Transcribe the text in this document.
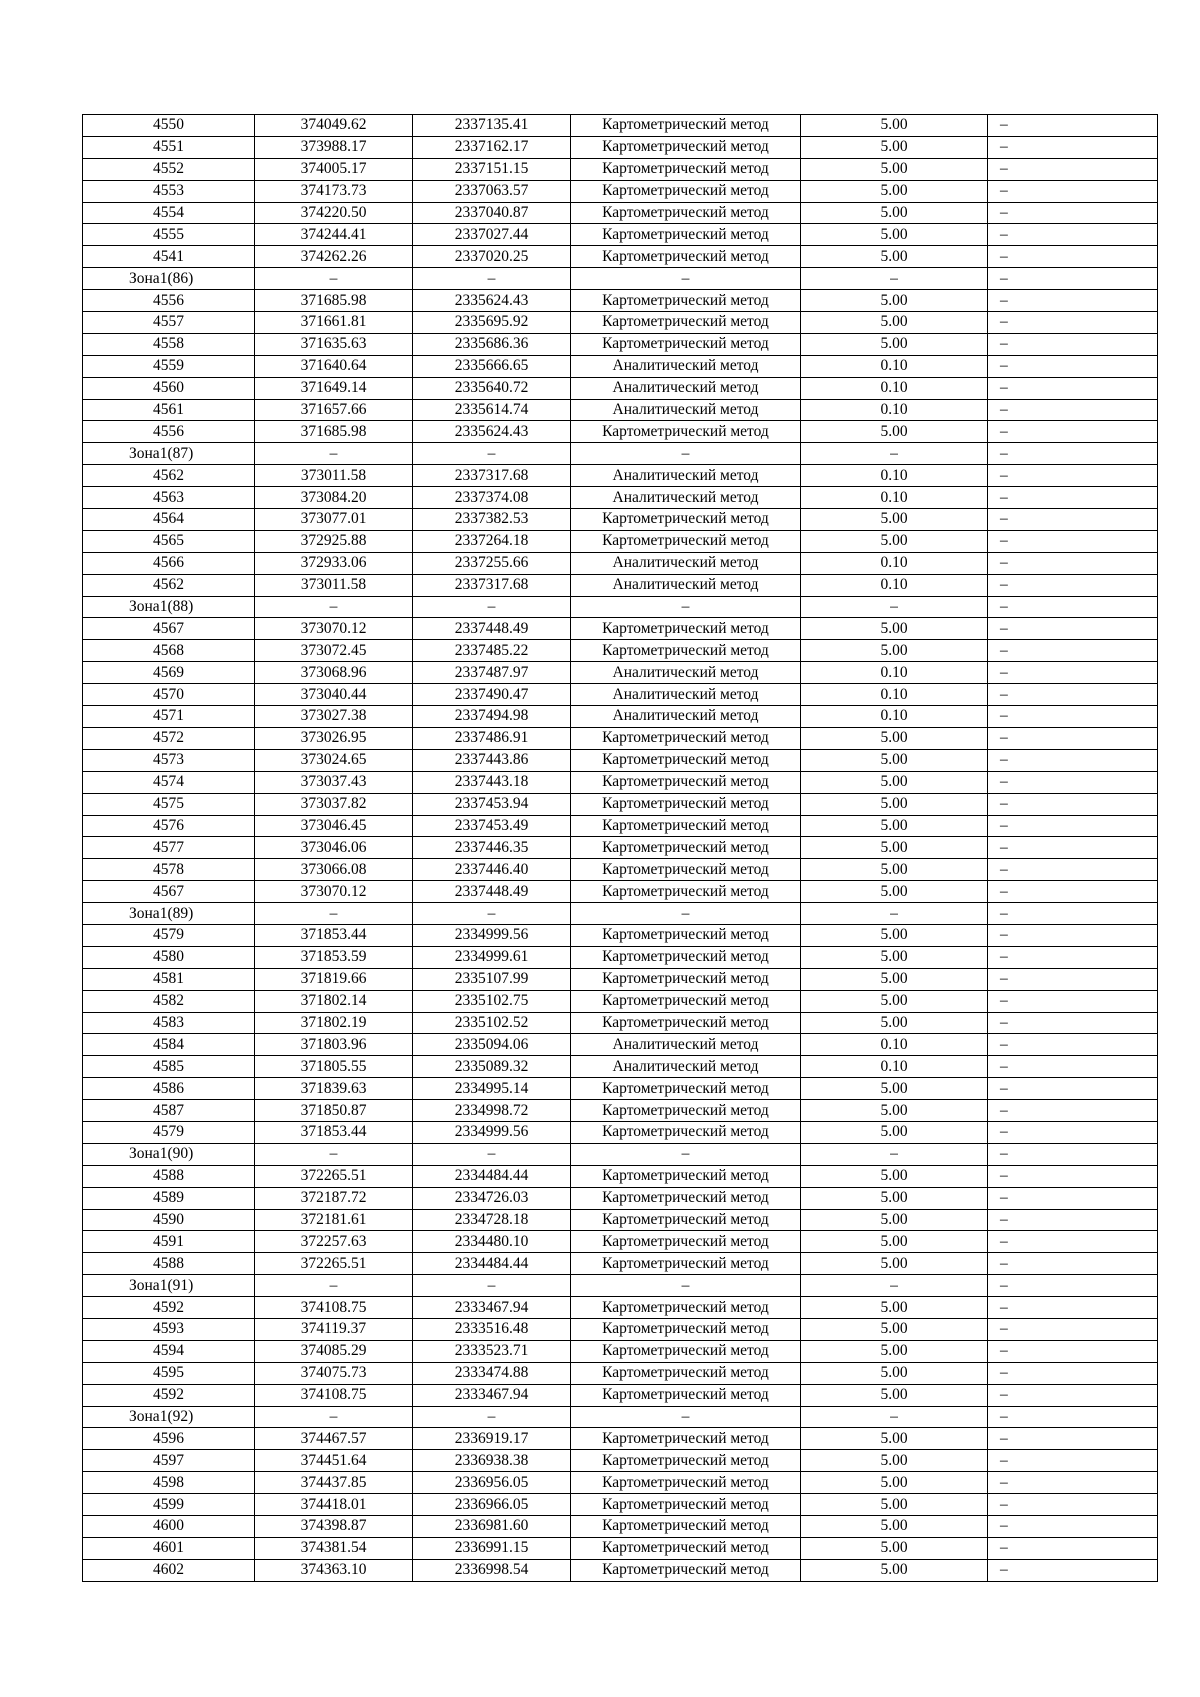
4550	374049.62	2337135.41	Картометрический метод	5.00	–
4551	373988.17	2337162.17	Картометрический метод	5.00	–
4552	374005.17	2337151.15	Картометрический метод	5.00	–
4553	374173.73	2337063.57	Картометрический метод	5.00	–
4554	374220.50	2337040.87	Картометрический метод	5.00	–
4555	374244.41	2337027.44	Картометрический метод	5.00	–
4541	374262.26	2337020.25	Картометрический метод	5.00	–
Зона1(86)	–	–	–	–	–
4556	371685.98	2335624.43	Картометрический метод	5.00	–
4557	371661.81	2335695.92	Картометрический метод	5.00	–
4558	371635.63	2335686.36	Картометрический метод	5.00	–
4559	371640.64	2335666.65	Аналитический метод	0.10	–
4560	371649.14	2335640.72	Аналитический метод	0.10	–
4561	371657.66	2335614.74	Аналитический метод	0.10	–
4556	371685.98	2335624.43	Картометрический метод	5.00	–
Зона1(87)	–	–	–	–	–
4562	373011.58	2337317.68	Аналитический метод	0.10	–
4563	373084.20	2337374.08	Аналитический метод	0.10	–
4564	373077.01	2337382.53	Картометрический метод	5.00	–
4565	372925.88	2337264.18	Картометрический метод	5.00	–
4566	372933.06	2337255.66	Аналитический метод	0.10	–
4562	373011.58	2337317.68	Аналитический метод	0.10	–
Зона1(88)	–	–	–	–	–
4567	373070.12	2337448.49	Картометрический метод	5.00	–
4568	373072.45	2337485.22	Картометрический метод	5.00	–
4569	373068.96	2337487.97	Аналитический метод	0.10	–
4570	373040.44	2337490.47	Аналитический метод	0.10	–
4571	373027.38	2337494.98	Аналитический метод	0.10	–
4572	373026.95	2337486.91	Картометрический метод	5.00	–
4573	373024.65	2337443.86	Картометрический метод	5.00	–
4574	373037.43	2337443.18	Картометрический метод	5.00	–
4575	373037.82	2337453.94	Картометрический метод	5.00	–
4576	373046.45	2337453.49	Картометрический метод	5.00	–
4577	373046.06	2337446.35	Картометрический метод	5.00	–
4578	373066.08	2337446.40	Картометрический метод	5.00	–
4567	373070.12	2337448.49	Картометрический метод	5.00	–
Зона1(89)	–	–	–	–	–
4579	371853.44	2334999.56	Картометрический метод	5.00	–
4580	371853.59	2334999.61	Картометрический метод	5.00	–
4581	371819.66	2335107.99	Картометрический метод	5.00	–
4582	371802.14	2335102.75	Картометрический метод	5.00	–
4583	371802.19	2335102.52	Картометрический метод	5.00	–
4584	371803.96	2335094.06	Аналитический метод	0.10	–
4585	371805.55	2335089.32	Аналитический метод	0.10	–
4586	371839.63	2334995.14	Картометрический метод	5.00	–
4587	371850.87	2334998.72	Картометрический метод	5.00	–
4579	371853.44	2334999.56	Картометрический метод	5.00	–
Зона1(90)	–	–	–	–	–
4588	372265.51	2334484.44	Картометрический метод	5.00	–
4589	372187.72	2334726.03	Картометрический метод	5.00	–
4590	372181.61	2334728.18	Картометрический метод	5.00	–
4591	372257.63	2334480.10	Картометрический метод	5.00	–
4588	372265.51	2334484.44	Картометрический метод	5.00	–
Зона1(91)	–	–	–	–	–
4592	374108.75	2333467.94	Картометрический метод	5.00	–
4593	374119.37	2333516.48	Картометрический метод	5.00	–
4594	374085.29	2333523.71	Картометрический метод	5.00	–
4595	374075.73	2333474.88	Картометрический метод	5.00	–
4592	374108.75	2333467.94	Картометрический метод	5.00	–
Зона1(92)	–	–	–	–	–
4596	374467.57	2336919.17	Картометрический метод	5.00	–
4597	374451.64	2336938.38	Картометрический метод	5.00	–
4598	374437.85	2336956.05	Картометрический метод	5.00	–
4599	374418.01	2336966.05	Картометрический метод	5.00	–
4600	374398.87	2336981.60	Картометрический метод	5.00	–
4601	374381.54	2336991.15	Картометрический метод	5.00	–
4602	374363.10	2336998.54	Картометрический метод	5.00	–
